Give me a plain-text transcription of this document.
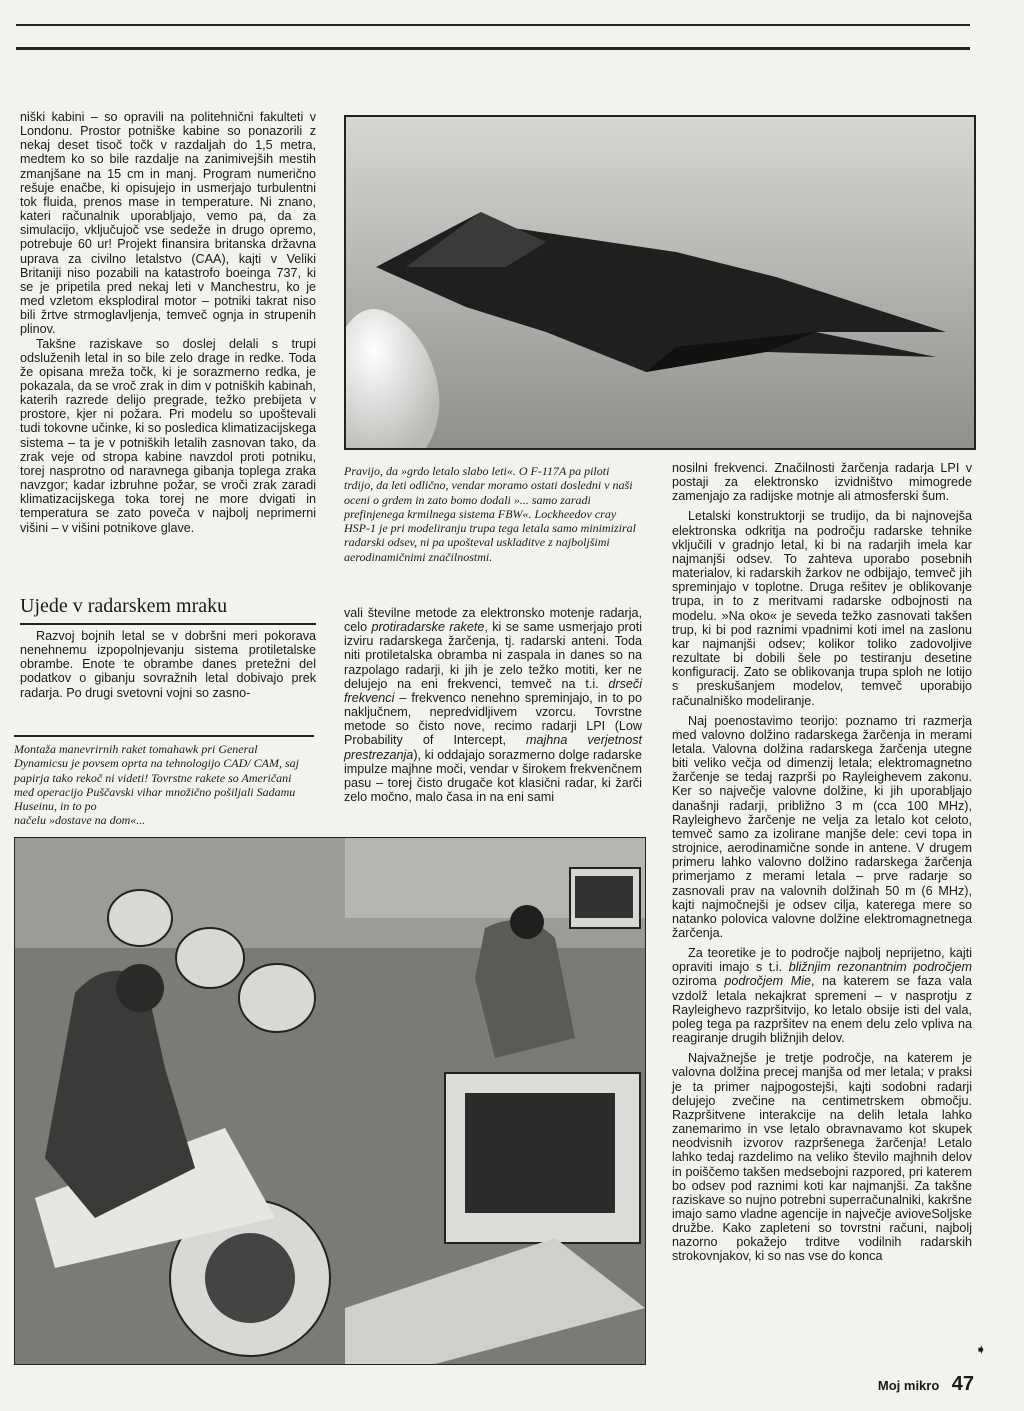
niški kabini – so opravili na politehnični fakulteti v Londonu. Prostor potniške kabine so ponazorili z nekaj deset tisoč točk v razdaljah do 1,5 metra, medtem ko so bile razdalje na zanimivejših mestih zmanjšane na 15 cm in manj. Program numerično rešuje enačbe, ki opisujejo in usmerjajo turbulentni tok fluida, prenos mase in temperature. Ni znano, kateri računalnik uporabljajo, vemo pa, da za simulacijo, vključujoč vse sedeže in drugo opremo, potrebuje 60 ur! Projekt finansira britanska državna uprava za civilno letalstvo (CAA), kajti v Veliki Britaniji niso pozabili na katastrofo boeinga 737, ki se je pripetila pred nekaj leti v Manchestru, ko je med vzletom eksplodiral motor – potniki takrat niso bili žrtve strmoglavljenja, temveč ognja in strupenih plinov.

Takšne raziskave so doslej delali s trupi odsluženih letal in so bile zelo drage in redke. Toda že opisana mreža točk, ki je sorazmerno redka, je pokazala, da se vroč zrak in dim v potniških kabinah, katerih razrede delijo pregrade, težko prebijeta v prostore, kjer ni požara. Pri modelu so upoštevali tudi tokovne učinke, ki so posledica klimatizacijskega sistema – ta je v potniških letalih zasnovan tako, da zrak veje od stropa kabine navzdol proti potniku, torej nasprotno od naravnega gibanja toplega zraka navzgor; kadar izbruhne požar, se vroči zrak zaradi klimatizacijskega toka torej ne more dvigati in temperatura se zato poveča v najbolj neprimerni višini – v višini potnikove glave.

Ujede v radarskem mraku

Razvoj bojnih letal se v dobršni meri pokorava nenehnemu izpopolnjevanju sistema protiletalske obrambe. Enote te obrambe danes pretežni del podatkov o gibanju sovražnih letal dobivajo prek radarja. Po drugi svetovni vojni so zasno-

Montaža manevrirnih raket tomahawk pri General Dynamicsu je povsem oprta na tehnologijo CAD/ CAM, saj papirja tako rekoč ni videti! Tovrstne rakete so Američani med operacijo Puščavski vihar množično pošiljali Sadamu Huseinu, in to po
načelu »dostave na dom«...
Pravijo, da »grdo letalo slabo leti«. O F-117A pa piloti trdijo, da leti odlično, vendar moramo ostati dosledni v naši oceni o grdem in zato bomo dodali »... samo zaradi prefinjenega krmilnega sistema FBW«. Lockheedov cray HSP-1 je pri modeliranju trupa tega letala samo minimiziral radarski odsev, ni pa upošteval uskladitve z najboljšimi aerodinamičnimi značilnostmi.

vali številne metode za elektronsko motenje radarja, celo protiradarske rakete, ki se same usmerjajo proti izviru radarskega žarčenja, tj. radarski anteni. Toda niti protiletalska obramba ni zaspala in danes so na razpolago radarji, ki jih je zelo težko motiti, ker ne delujejo na eni frekvenci, temveč na t.i. drseči frekvenci – frekvenco nenehno spreminjajo, in to po naključnem, nepredvidljivem vzorcu. Tovrstne metode so čisto nove, recimo radarji LPI (Low Probability of Intercept, majhna verjetnost prestrezanja), ki oddajajo sorazmerno dolge radarske impulze majhne moči, vendar v širokem frekvenčnem pasu – torej čisto drugače kot klasični radar, ki žarči zelo močno, malo časa in na eni sami

nosilni frekvenci. Značilnosti žarčenja radarja LPI v postaji za elektronsko izvidništvo mimogrede zamenjajo za radijske motnje ali atmosferski šum.

Letalski konstruktorji se trudijo, da bi najnovejša elektronska odkritja na področju radarske tehnike vključili v gradnjo letal, ki bi na radarjih imela kar najmanjši odsev. To zahteva uporabo posebnih materialov, ki radarskih žarkov ne odbijajo, temveč jih spreminjajo v toplotne. Druga rešitev je oblikovanje trupa, in to z meritvami radarske odbojnosti na modelu. »Na oko« je seveda težko zasnovati takšen trup, ki bi pod raznimi vpadnimi koti imel na zaslonu kar najmanjši odsev; kolikor toliko zadovoljive rezultate bi dobili šele po testiranju desetine konfiguracij. Zato se oblikovanja trupa sploh ne lotijo s preskušanjem modelov, temveč uporabijo računalniško modeliranje.

Naj poenostavimo teorijo: poznamo tri razmerja med valovno dolžino radarskega žarčenja in merami letala. Valovna dolžina radarskega žarčenja utegne biti veliko večja od dimenzij letala; elektromagnetno žarčenje se tedaj razprši po Rayleighevem zakonu. Ker so največje valovne dolžine, ki jih uporabljajo današnji radarji, približno 3 m (cca 100 MHz), Rayleighevo žarčenje ne velja za letalo kot celoto, temveč samo za izolirane manjše dele: cevi topa in strojnice, aerodinamične sonde in antene. V drugem primeru lahko valovno dolžino radarskega žarčenja primerjamo z merami letala – prve radarje so zasnovali prav na valovnih dolžinah 50 m (6 MHz), kajti najmočnejši je odsev cilja, katerega mere so natanko polovica valovne dolžine elektromagnetnega žarčenja.

Za teoretike je to področje najbolj neprijetno, kajti opraviti imajo s t.i. bližnjim rezonantnim področjem oziroma področjem Mie, na katerem se faza vala vzdolž letala nekajkrat spremeni – v nasprotju z Rayleighevo razpršitvijo, ko letalo obsije isti del vala, poleg tega pa razpršitev na enem delu zelo vpliva na reagiranje drugih bližnjih delov.

Najvažnejše je tretje področje, na katerem je valovna dolžina precej manjša od mer letala; v praksi je ta primer najpogostejši, kajti sodobni radarji delujejo zvečine na centimetrskem območju. Razpršitvene interakcije na delih letala lahko zanemarimo in vse letalo obravnavamo kot skupek neodvisnih izvorov razpršenega žarčenja! Letalo lahko tedaj razdelimo na veliko število majhnih delov in poiščemo takšen medsebojni razpored, pri katerem bo odsev pod raznimi koti kar najmanjši. Za takšne raziskave so nujno potrebni superračunalniki, kakršne imajo samo vladne agencije in največje avioveSoljske družbe. Kako zapleteni so tovrstni računi, najbolj nazorno pokažejo trditve vodilnih radarskih strokovnjakov, ki so nas vse do konca

➧
Moj mikro 47
